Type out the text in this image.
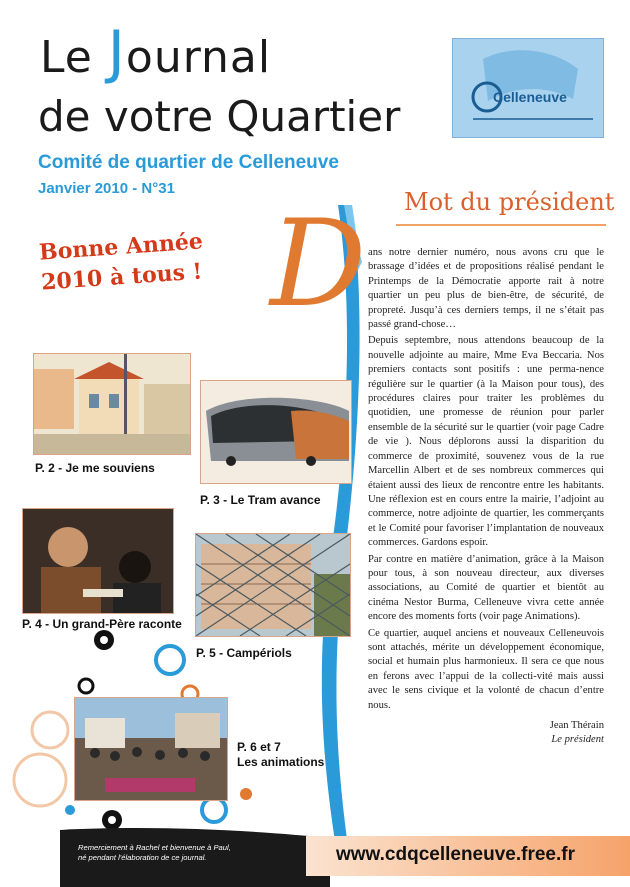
Le Journal
de votre Quartier
Comité de quartier de Celleneuve
Janvier 2010 - N°31
Celleneuve
Bonne Année
2010 à tous !
Mot du président
D ans notre dernier numéro, nous avons cru que le brassage d’idées et de propositions réalisé pendant le Printemps de la Démocratie apporte rait à notre quartier un peu plus de bien-être, de sécurité, de propreté. Jusqu’à ces derniers temps, il ne s’était pas passé grand-chose…

Depuis septembre, nous attendons beaucoup de la nouvelle adjointe au maire, Mme Eva Beccaria. Nos premiers contacts sont positifs : une perma-nence régulière sur le quartier (à la Maison pour tous), des procédures claires pour traiter les problèmes du quotidien, une promesse de réunion pour parler ensemble de la sécurité sur le quartier (voir page Cadre de vie ). Nous déplorons aussi la disparition du commerce de proximité, souvenez vous de la rue Marcellin Albert et de ses nombreux commerces qui étaient aussi des lieux de rencontre entre les habitants. Une réflexion est en cours entre la mairie, l’adjoint au commerce, notre adjointe de quartier, les commerçants et le Comité pour favoriser l’implantation de nouveaux commerces. Gardons espoir.

Par contre en matière d’animation, grâce à la Maison pour tous, à son nouveau directeur, aux diverses associations, au Comité de quartier et bientôt au cinéma Nestor Burma, Celleneuve vivra cette année encore des moments forts (voir page Animations).

Ce quartier, auquel anciens et nouveaux Celleneuvois sont attachés, mérite un développement économique, social et humain plus harmonieux. Il sera ce que nous en ferons avec l’appui de la collecti-vité mais aussi avec le sens civique et la volonté de chacun d’entre nous.

Jean Thérain
Le président
P. 2 - Je me souviens
P. 3 - Le Tram avance
P. 4 - Un grand-Père raconte
P. 5 - Campériols
P. 6 et 7
Les animations
www.cdqcelleneuve.free.fr
Remerciement à Rachel et bienvenue à Paul,
né pendant l'élaboration de ce journal.
